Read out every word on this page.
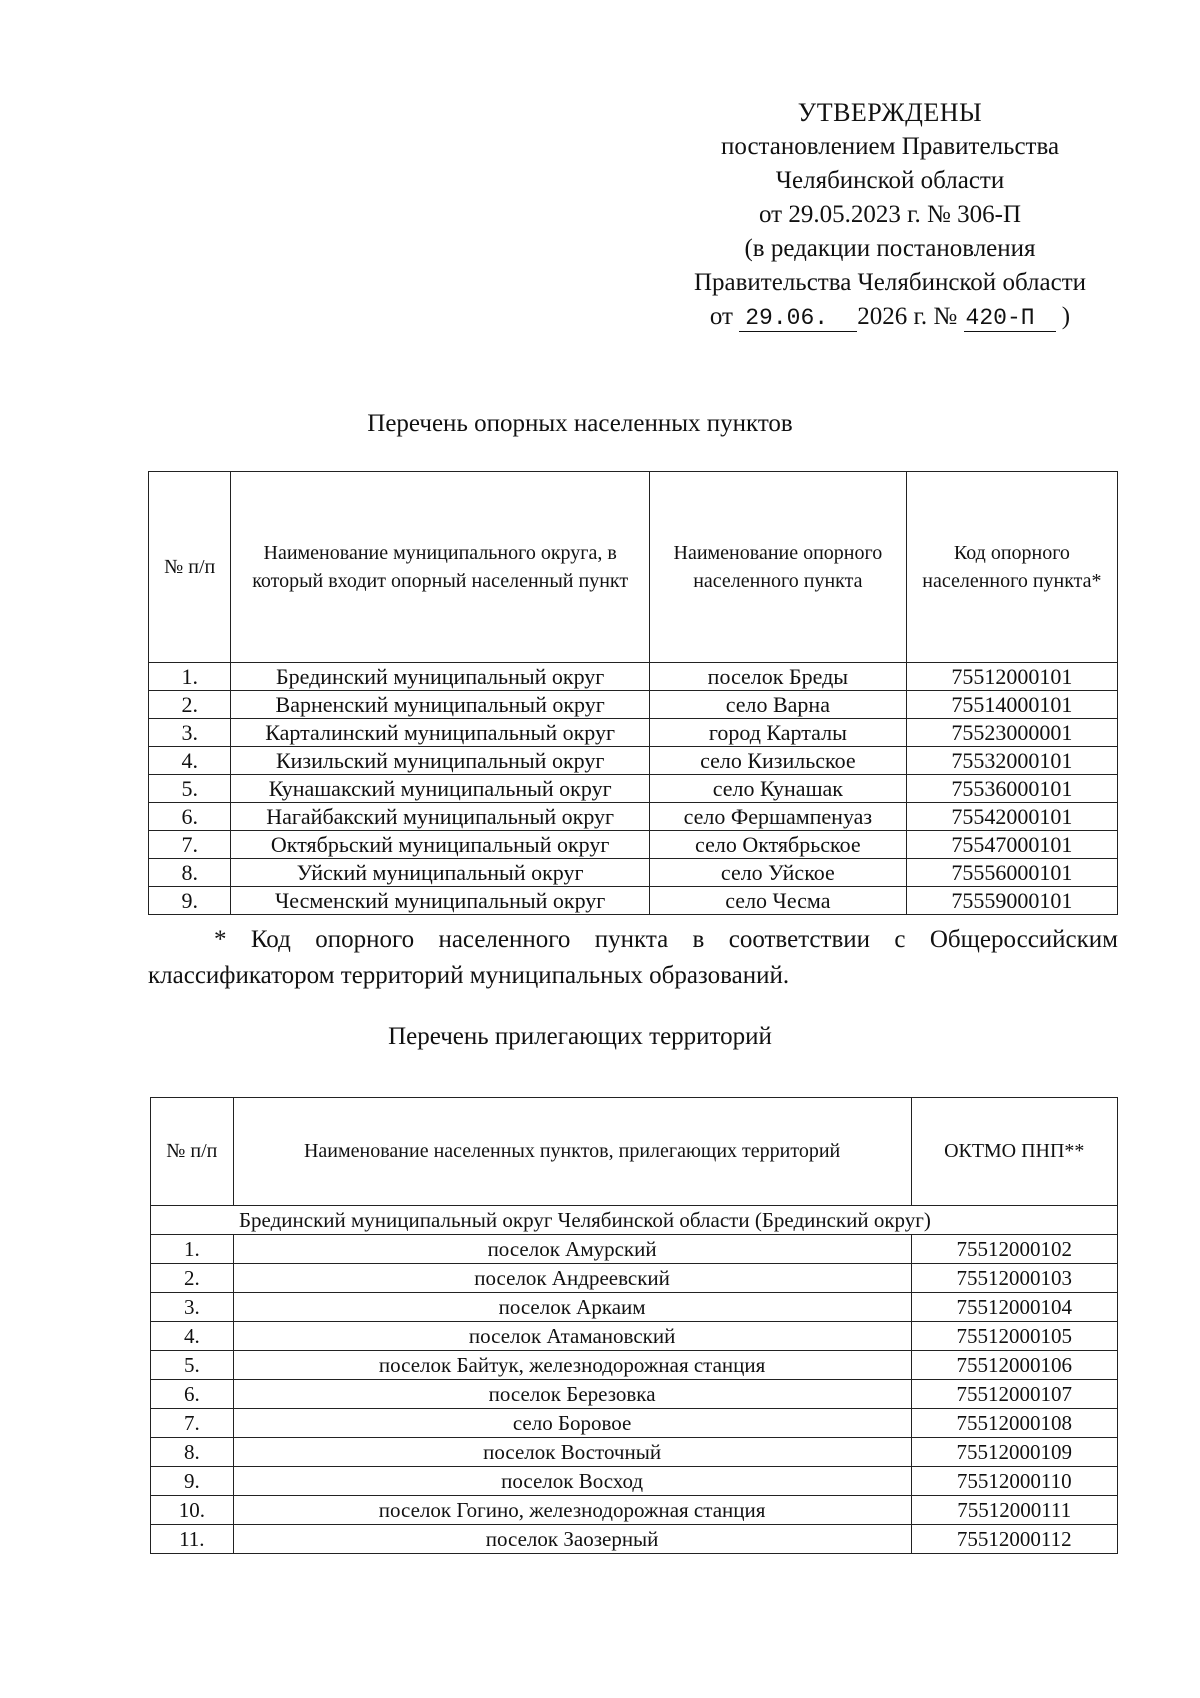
УТВЕРЖДЕНЫ
постановлением Правительства
Челябинской области
от 29.05.2023 г. № 306-П
(в редакции постановления
Правительства Челябинской области
от 29.06. 2026 г. № 420-П )
Перечень опорных населенных пунктов
№ п/п	Наименование муниципального округа, в который входит опорный населенный пункт	Наименование опорного населенного пункта	Код опорного населенного пункта*
1.	Брединский муниципальный округ	поселок Бреды	75512000101
2.	Варненский муниципальный округ	село Варна	75514000101
3.	Карталинский муниципальный округ	город Карталы	75523000001
4.	Кизильский муниципальный округ	село Кизильское	75532000101
5.	Кунашакский муниципальный округ	село Кунашак	75536000101
6.	Нагайбакский муниципальный округ	село Фершампенуаз	75542000101
7.	Октябрьский муниципальный округ	село Октябрьское	75547000101
8.	Уйский муниципальный округ	село Уйское	75556000101
9.	Чесменский муниципальный округ	село Чесма	75559000101
* Код опорного населенного пункта в соответствии с Общероссийским классификатором территорий муниципальных образований.
Перечень прилегающих территорий
№ п/п	Наименование населенных пунктов, прилегающих территорий	ОКТМО ПНП**
Брединский муниципальный округ Челябинской области (Брединский округ)		
1.	поселок Амурский	75512000102
2.	поселок Андреевский	75512000103
3.	поселок Аркаим	75512000104
4.	поселок Атамановский	75512000105
5.	поселок Байтук, железнодорожная станция	75512000106
6.	поселок Березовка	75512000107
7.	село Боровое	75512000108
8.	поселок Восточный	75512000109
9.	поселок Восход	75512000110
10.	поселок Гогино, железнодорожная станция	75512000111
11.	поселок Заозерный	75512000112
